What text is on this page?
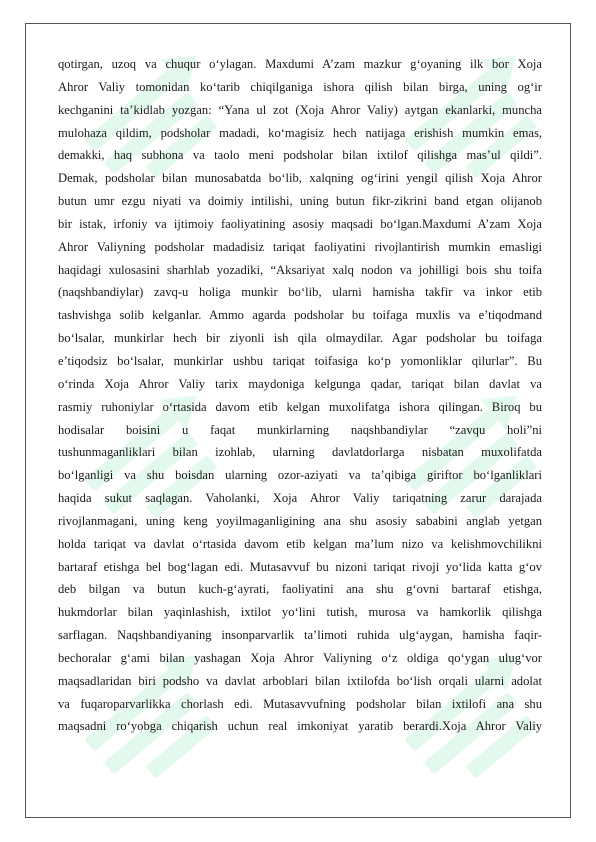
qotirgan, uzoq va chuqur o‘ylagan. Maxdumi A’zam mazkur g‘oyaning ilk bor Xoja
Ahror Valiy tomonidan ko‘tarib chiqilganiga ishora qilish bilan birga, uning og‘ir
kechganini ta’kidlab yozgan: “Yana ul zot (Xoja Ahror Valiy) aytgan ekanlarki, muncha
mulohaza qildim, podsholar madadi, ko‘magisiz hech natijaga erishish mumkin emas,
demakki, haq subhona va taolo meni podsholar bilan ixtilof qilishga mas’ul qildi”.
Demak, podsholar bilan munosabatda bo‘lib, xalqning og‘irini yengil qilish Xoja Ahror
butun umr ezgu niyati va doimiy intilishi, uning butun fikr-zikrini band etgan olijanob
bir istak, irfoniy va ijtimoiy faoliyatining asosiy maqsadi bo‘lgan.Maxdumi A’zam Xoja
Ahror Valiyning podsholar madadisiz tariqat faoliyatini rivojlantirish mumkin emasligi
haqidagi xulosasini sharhlab yozadiki, “Aksariyat xalq nodon va johilligi bois shu toifa
(naqshbandiylar) zavq-u holiga munkir bo‘lib, ularni hamisha takfir va inkor etib
tashvishga solib kelganlar. Ammo agarda podsholar bu toifaga muxlis va e’tiqodmand
bo‘lsalar, munkirlar hech bir ziyonli ish qila olmaydilar. Agar podsholar bu toifaga
e’tiqodsiz bo‘lsalar, munkirlar ushbu tariqat toifasiga ko‘p yomonliklar qilurlar”. Bu
o‘rinda Xoja Ahror Valiy tarix maydoniga kelgunga qadar, tariqat bilan davlat va
rasmiy ruhoniylar o‘rtasida davom etib kelgan muxolifatga ishora qilingan. Biroq bu
hodisalar boisini u faqat munkirlarning naqshbandiylar “zavqu holi”ni
tushunmaganliklari bilan izohlab, ularning davlatdorlarga nisbatan muxolifatda
bo‘lganligi va shu boisdan ularning ozor-aziyati va ta’qibiga giriftor bo‘lganliklari
haqida sukut saqlagan. Vaholanki, Xoja Ahror Valiy tariqatning zarur darajada
rivojlanmagani, uning keng yoyilmaganligining ana shu asosiy sababini anglab yetgan
holda tariqat va davlat o‘rtasida davom etib kelgan ma’lum nizo va kelishmovchilikni
bartaraf etishga bel bog‘lagan edi. Mutasavvuf bu nizoni tariqat rivoji yo‘lida katta g‘ov
deb bilgan va butun kuch-g‘ayrati, faoliyatini ana shu g‘ovni bartaraf etishga,
hukmdorlar bilan yaqinlashish, ixtilot yo‘lini tutish, murosa va hamkorlik qilishga
sarflagan. Naqshbandiyaning insonparvarlik ta’limoti ruhida ulg‘aygan, hamisha faqir-
bechoralar g‘ami bilan yashagan Xoja Ahror Valiyning o‘z oldiga qo‘ygan ulug‘vor
maqsadlaridan biri podsho va davlat arboblari bilan ixtilofda bo‘lish orqali ularni adolat
va fuqaroparvarlikka chorlash edi. Mutasavvufning podsholar bilan ixtilofi ana shu
maqsadni ro‘yobga chiqarish uchun real imkoniyat yaratib berardi.Xoja Ahror Valiy
